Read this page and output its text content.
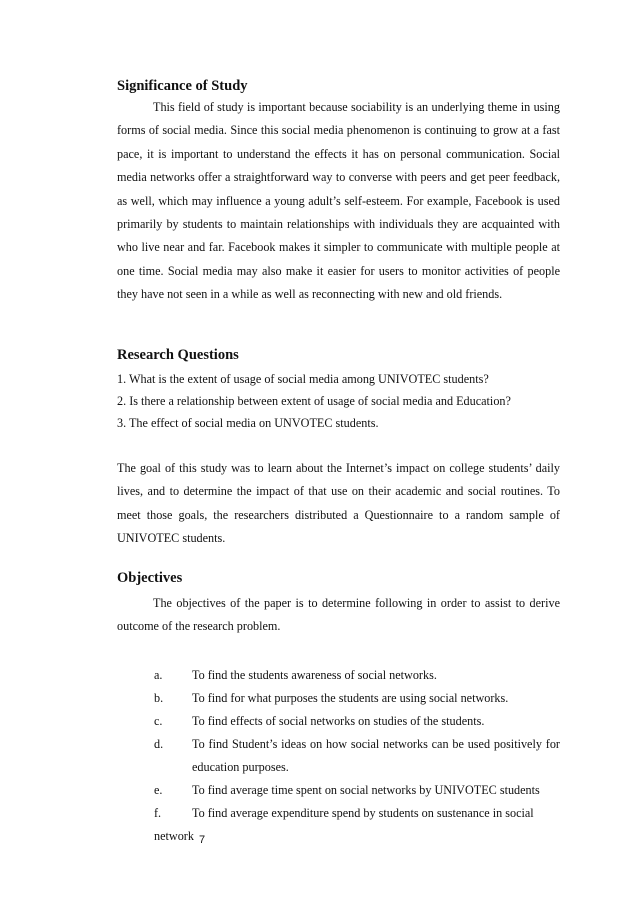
Significance of Study

This field of study is important because sociability is an underlying theme in using forms of social media. Since this social media phenomenon is continuing to grow at a fast pace, it is important to understand the effects it has on personal communication. Social media networks offer a straightforward way to converse with peers and get peer feedback, as well, which may influence a young adult’s self-esteem. For example, Facebook is used primarily by students to maintain relationships with individuals they are acquainted with who live near and far. Facebook makes it simpler to communicate with multiple people at one time. Social media may also make it easier for users to monitor activities of people they have not seen in a while as well as reconnecting with new and old friends.

Research Questions

1. What is the extent of usage of social media among UNIVOTEC students?

2. Is there a relationship between extent of usage of social media and Education?

3. The effect of social media on UNVOTEC students.

The goal of this study was to learn about the Internet’s impact on college students’ daily lives, and to determine the impact of that use on their academic and social routines. To meet those goals, the researchers distributed a Questionnaire to a random sample of UNIVOTEC students.

Objectives

The objectives of the paper is to determine following in order to assist to derive outcome of the research problem.

a.	To find the students awareness of social networks.
b.	To find for what purposes the students are using social networks.
c.	To find effects of social networks on studies of the students.
d.	To find Student’s ideas on how social networks can be used positively for education purposes.
e.	To find average time spent on social networks by UNIVOTEC students
f.	To find average expenditure spend by students on sustenance in social

network 7
